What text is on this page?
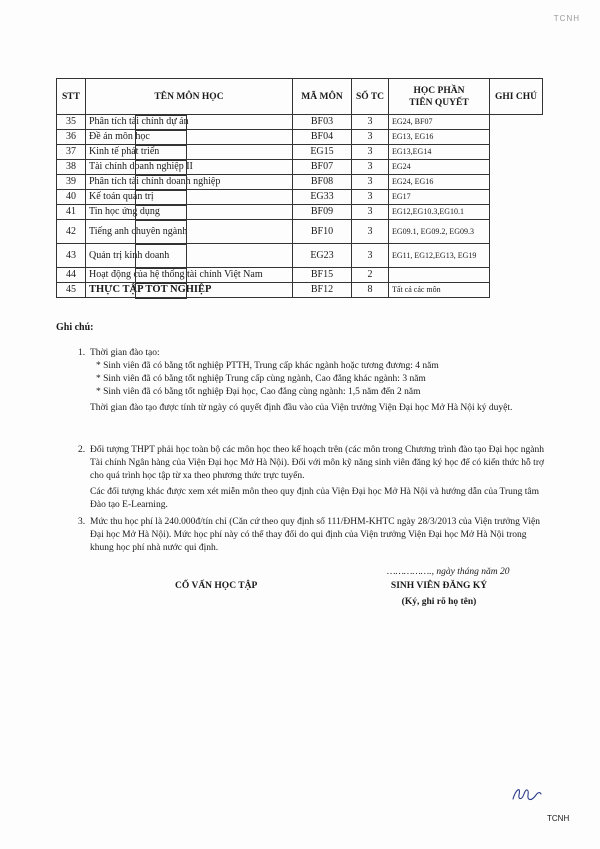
TCNH
STT	TÊN MÔN HỌC	MÃ MÔN	SỐ TC	HỌC PHẦN
TIÊN QUYẾT	GHI CHÚ
35	Phân tích tài chính dự án	BF03	3	EG24, BF07	

36	Đề án môn học	BF04	3	EG13, EG16	

37	Kinh tế phát triển	EG15	3	EG13,EG14	

38	Tài chính doanh nghiệp II	BF07	3	EG24	

39	Phân tích tài chính doanh nghiệp	BF08	3	EG24, EG16	

40	Kế toán quản trị	EG33	3	EG17	

41	Tin học ứng dụng	BF09	3	EG12,EG10.3,EG10.1	

42	Tiếng anh chuyên ngành	BF10	3	EG09.1, EG09.2, EG09.3	

43	Quản trị kinh doanh	EG23	3	EG11, EG12,EG13, EG19	

44	Hoạt động của hệ thống tài chính Việt Nam	BF15	2		

45	THỰC TẬP TỐT NGHIỆP	BF12	8	Tất cả các môn	
Ghi chú:
1. Thời gian đào tạo:

* Sinh viên đã có bằng tốt nghiệp PTTH, Trung cấp khác ngành hoặc tương đương: 4 năm

* Sinh viên đã có bằng tốt nghiệp Trung cấp cùng ngành, Cao đẳng khác ngành: 3 năm

* Sinh viên đã có bằng tốt nghiệp Đại học, Cao đẳng cùng ngành: 1,5 năm đến 2 năm

Thời gian đào tạo được tính từ ngày có quyết định đầu vào của Viện trưởng Viện Đại học Mở Hà Nội ký duyệt.

2. Đối tượng THPT phải học toàn bộ các môn học theo kế hoạch trên (các môn trong Chương trình đào tạo Đại học ngành Tài chính Ngân hàng của Viện Đại học Mở Hà Nội). Đối với môn kỹ năng sinh viên đăng ký học để có kiến thức hỗ trợ cho quá trình học tập từ xa theo phương thức trực tuyến.

Các đối tượng khác được xem xét miễn môn theo quy định của Viện Đại học Mở Hà Nội và hướng dẫn của Trung tâm Đào tạo E-Learning.

3. Mức thu học phí là 240.000đ/tín chỉ (Căn cứ theo quy định số 111/ĐHM-KHTC ngày 28/3/2013 của Viện trưởng Viện Đại học Mở Hà Nội). Mức học phí này có thể thay đổi do qui định của Viện trưởng Viện Đại học Mở Hà Nội trong khung học phí nhà nước qui định.

……………., ngày tháng năm 20
CỐ VẤN HỌC TẬP	SINH VIÊN ĐĂNG KÝ
(Ký, ghi rõ họ tên)
TCNH
